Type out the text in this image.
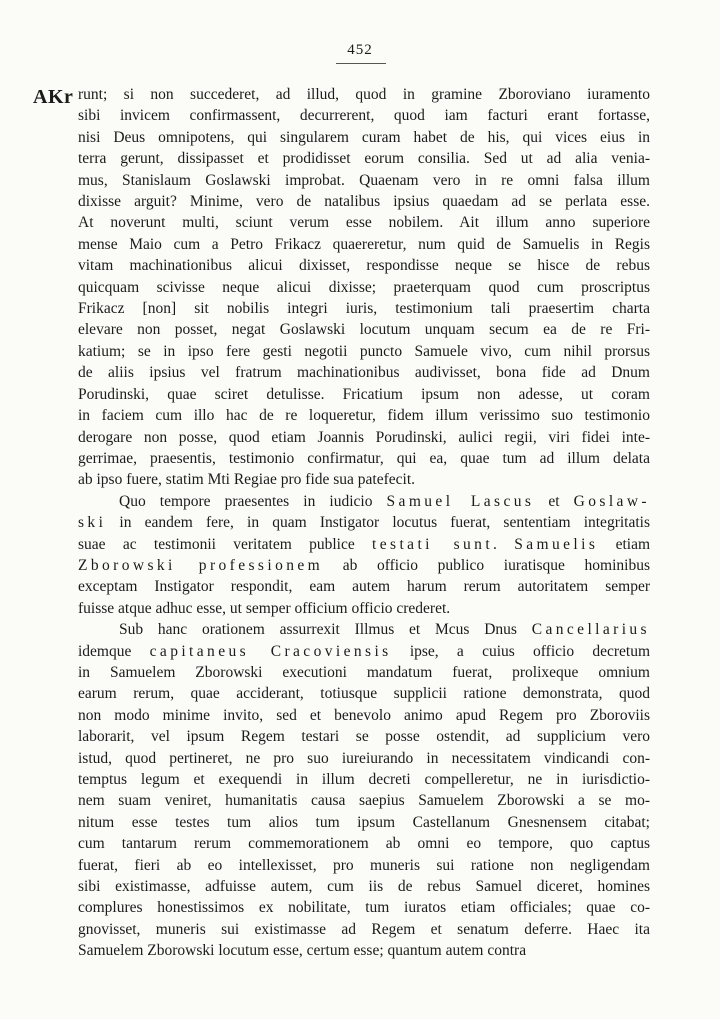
452
AKr runt; si non succederet, ad illud, quod in gramine Zboroviano iuramento
sibi invicem confirmassent, decurrerent, quod iam facturi erant fortasse,
nisi Deus omnipotens, qui singularem curam habet de his, qui vices eius in
terra gerunt, dissipasset et prodidisset eorum consilia. Sed ut ad alia venia-
mus, Stanislaum Goslawski improbat. Quaenam vero in re omni falsa illum
dixisse arguit? Minime, vero de natalibus ipsius quaedam ad se perlata esse.
At noverunt multi, sciunt verum esse nobilem. Ait illum anno superiore
mense Maio cum a Petro Frikacz quaereretur, num quid de Samuelis in Regis
vitam machinationibus alicui dixisset, respondisse neque se hisce de rebus
quicquam scivisse neque alicui dixisse; praeterquam quod cum proscriptus
Frikacz [non] sit nobilis integri iuris, testimonium tali praesertim charta
elevare non posset, negat Goslawski locutum unquam secum ea de re Fri-
katium; se in ipso fere gesti negotii puncto Samuele vivo, cum nihil prorsus
de aliis ipsius vel fratrum machinationibus audivisset, bona fide ad Dnum
Porudinski, quae sciret detulisse. Fricatium ipsum non adesse, ut coram
in faciem cum illo hac de re loqueretur, fidem illum verissimo suo testimonio
derogare non posse, quod etiam Joannis Porudinski, aulici regii, viri fidei inte-
gerrimae, praesentis, testimonio confirmatur, qui ea, quae tum ad illum delata
ab ipso fuere, statim Mti Regiae pro fide sua patefecit.
Quo tempore praesentes in iudicio Samuel Lascus et Goslaw-
ski in eandem fere, in quam Instigator locutus fuerat, sententiam integritatis
suae ac testimonii veritatem publice testati sunt. Samuelis etiam
Zborowski professionem ab officio publico iuratisque hominibus
exceptam Instigator respondit, eam autem harum rerum autoritatem semper
fuisse atque adhuc esse, ut semper officium officio crederet.
Sub hanc orationem assurrexit Illmus et Mcus Dnus Cancellarius
idemque capitaneus Cracoviensis ipse, a cuius officio decretum
in Samuelem Zborowski executioni mandatum fuerat, prolixeque omnium
earum rerum, quae acciderant, totiusque supplicii ratione demonstrata, quod
non modo minime invito, sed et benevolo animo apud Regem pro Zboroviis
laborarit, vel ipsum Regem testari se posse ostendit, ad supplicium vero
istud, quod pertineret, ne pro suo iureiurando in necessitatem vindicandi con-
temptus legum et exequendi in illum decreti compelleretur, ne in iurisdictio-
nem suam veniret, humanitatis causa saepius Samuelem Zborowski a se mo-
nitum esse testes tum alios tum ipsum Castellanum Gnesnensem citabat;
cum tantarum rerum commemorationem ab omni eo tempore, quo captus
fuerat, fieri ab eo intellexisset, pro muneris sui ratione non negligendam
sibi existimasse, adfuisse autem, cum iis de rebus Samuel diceret, homines
complures honestissimos ex nobilitate, tum iuratos etiam officiales; quae co-
gnovisset, muneris sui existimasse ad Regem et senatum deferre. Haec ita
Samuelem Zborowski locutum esse, certum esse; quantum autem contra
